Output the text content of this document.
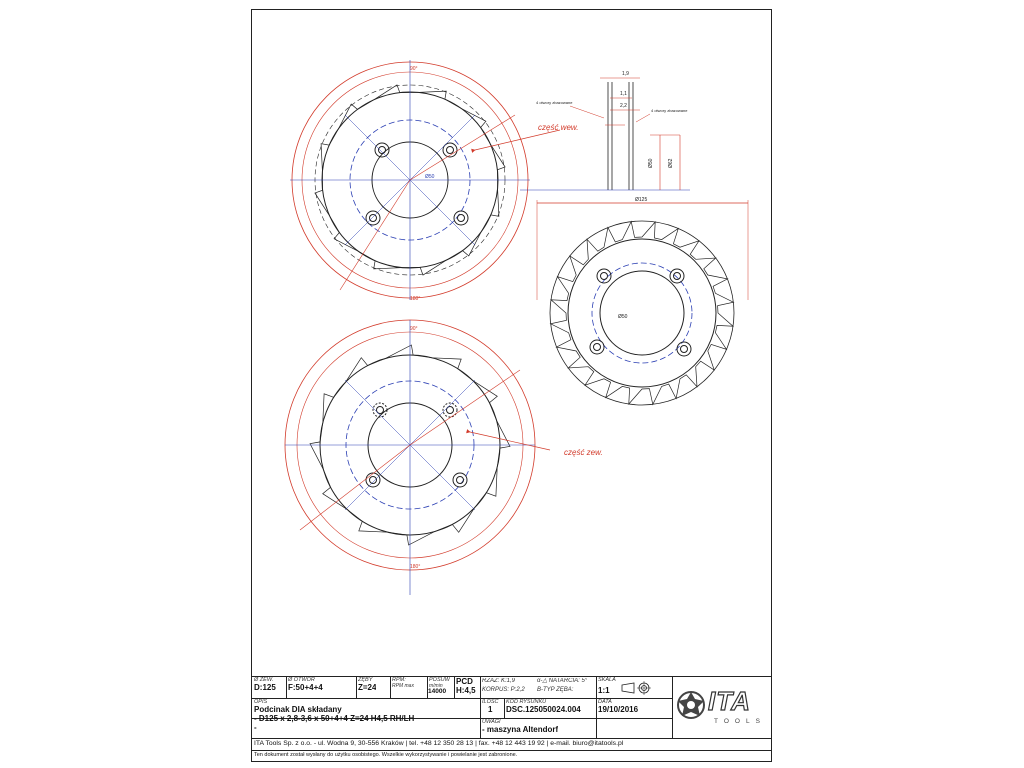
90°
180°
Ø50
część wew.
1,9
1,1
2,2
Ø50	Ø62
4 otwory zbazowane
4 otwory zbazowane
Ø125
Ø50
90°
180°
część zew.
Ø ZEW.
D:125
Ø OTWÓR
F:50+4+4
ZĘBY
Z=24
RPM:
RPM max
14000
POSUW
m/min	PCD
H:4,5
RZAZ: K:1,9
KORPUS: P:2,2
α-△ NATARCIA: 5°
B-TYP ZĘBA:
SKALA
1:1
OPIS
Podcinak DIA składany
- D125 x 2,8-3,6 x 50+4+4 Z=24 H4,5 RH/LH
-
ILOŚĆ
1
KOD RYSUNKU
DSC.125050024.004
DATA
19/10/2016
UWAGI
- maszyna Altendorf
ITA
TOOLS
ITA Tools Sp. z o.o. - ul. Wodna 9, 30-556 Kraków | tel. +48 12 350 28 13 | fax. +48 12 443 19 92 | e-mail. biuro@itatools.pl
Ten dokument został wysłany do użytku osobistego. Wszelkie wykorzystywanie i powielanie jest zabronione.
